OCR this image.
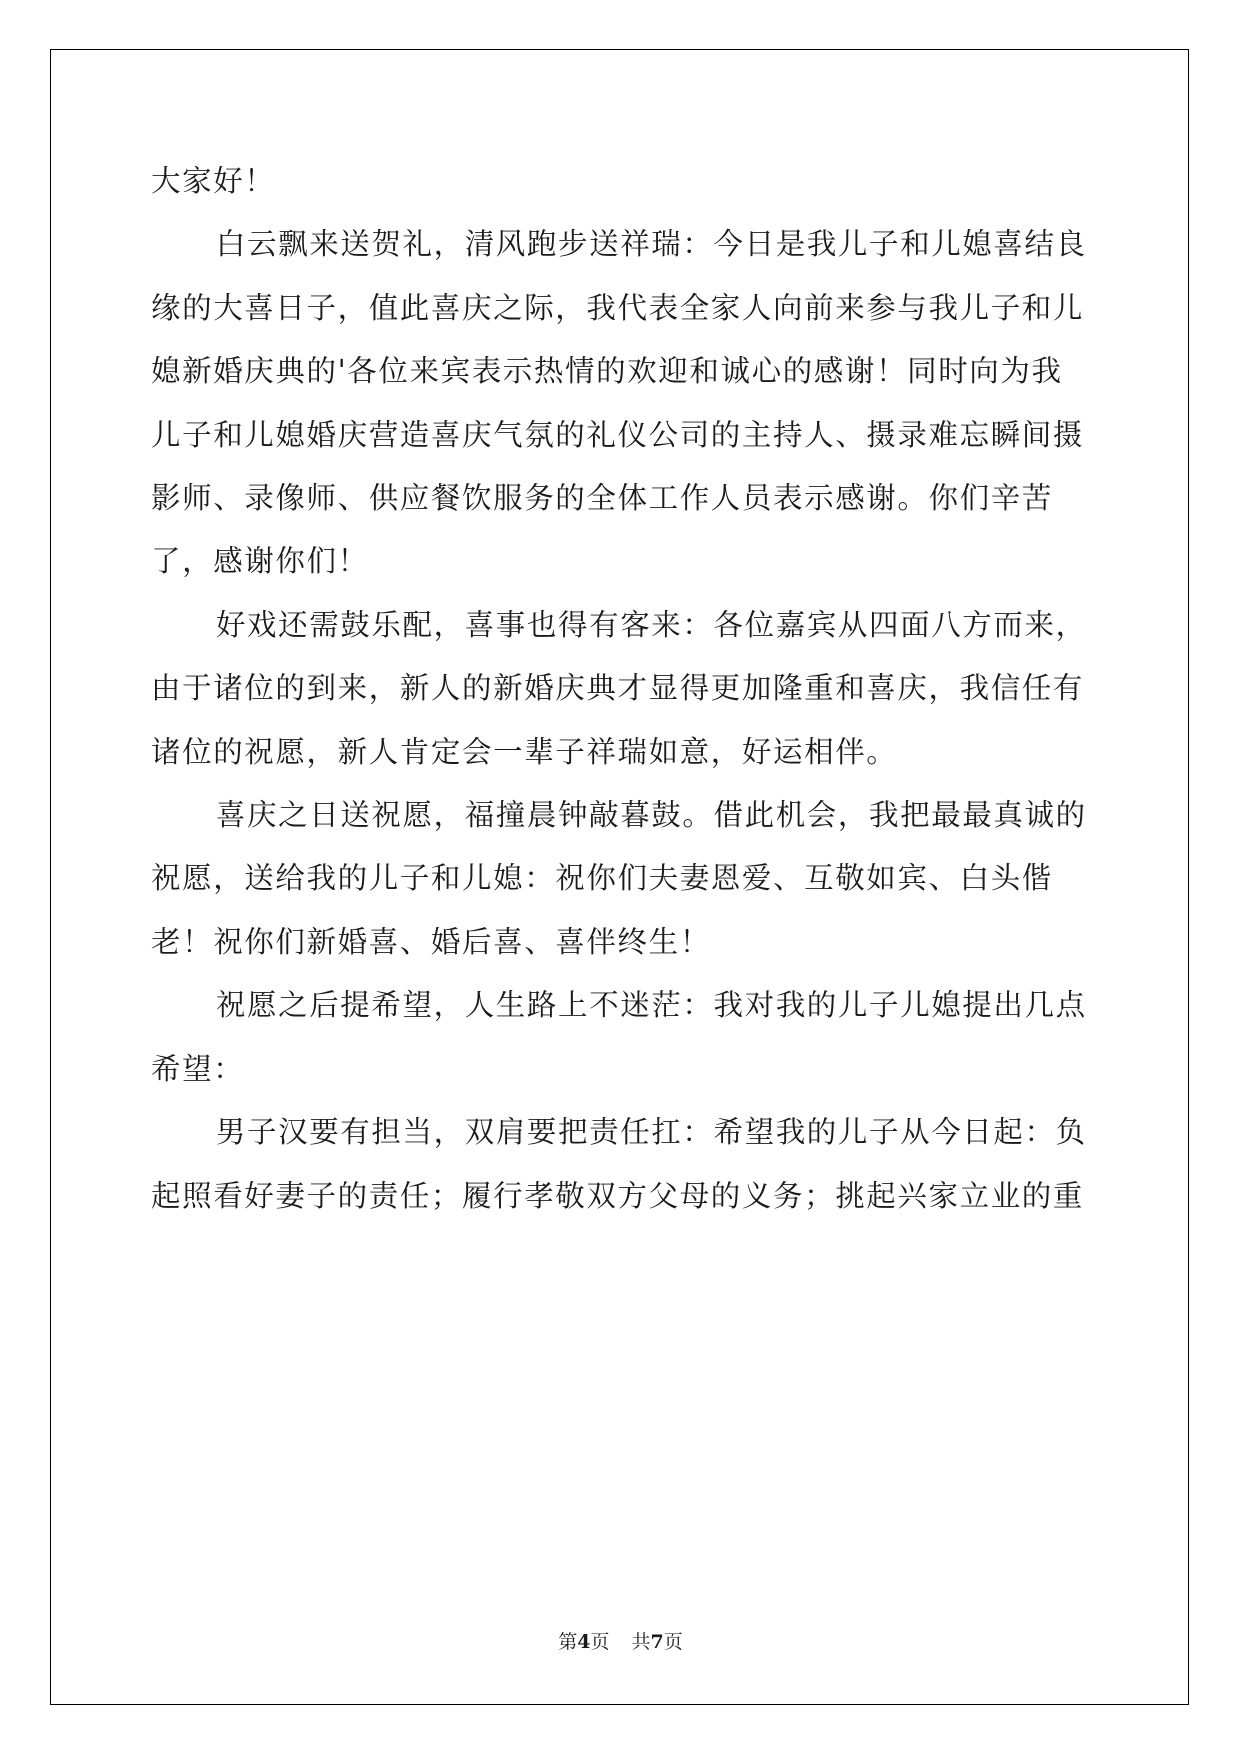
大家好！

白云飘来送贺礼，清风跑步送祥瑞：今日是我儿子和儿媳喜结良缘的大喜日子，值此喜庆之际，我代表全家人向前来参与我儿子和儿媳新婚庆典的'各位来宾表示热情的欢迎和诚心的感谢！同时向为我儿子和儿媳婚庆营造喜庆气氛的礼仪公司的主持人、摄录难忘瞬间摄影师、录像师、供应餐饮服务的全体工作人员表示感谢。你们辛苦了，感谢你们！

好戏还需鼓乐配，喜事也得有客来：各位嘉宾从四面八方而来，由于诸位的到来，新人的新婚庆典才显得更加隆重和喜庆，我信任有诸位的祝愿，新人肯定会一辈子祥瑞如意，好运相伴。

喜庆之日送祝愿，福撞晨钟敲暮鼓。借此机会，我把最最真诚的祝愿，送给我的儿子和儿媳：祝你们夫妻恩爱、互敬如宾、白头偕老！祝你们新婚喜、婚后喜、喜伴终生！

祝愿之后提希望，人生路上不迷茫：我对我的儿子儿媳提出几点希望：

男子汉要有担当，双肩要把责任扛：希望我的儿子从今日起：负起照看好妻子的责任；履行孝敬双方父母的义务；挑起兴家立业的重

第4页 共7页
